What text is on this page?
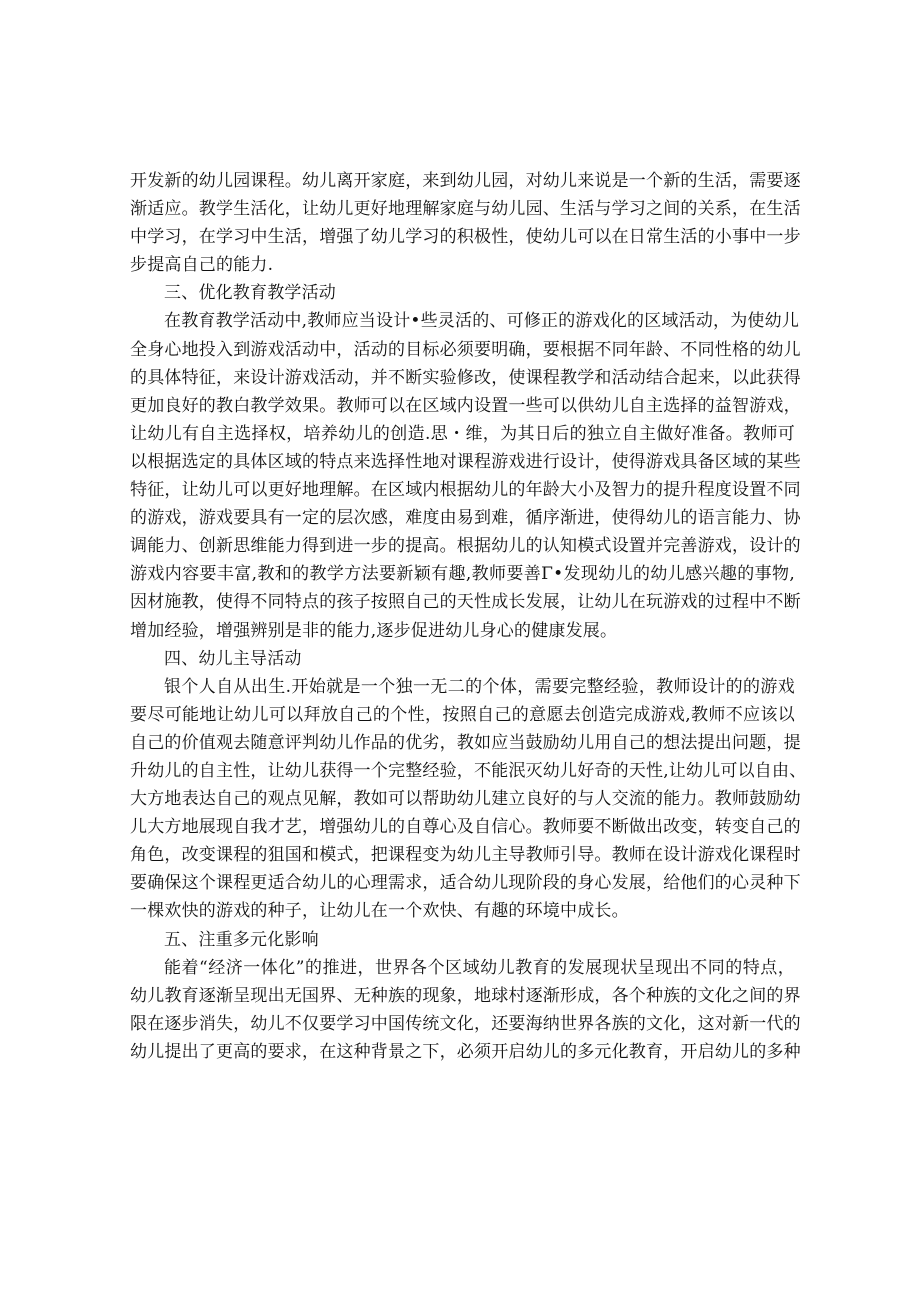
开发新的幼儿园课程。幼儿离开家庭，来到幼儿园，对幼儿来说是一个新的生活，需要逐
渐适应。教学生活化，让幼儿更好地理解家庭与幼儿园、生活与学习之间的关系，在生活
中学习，在学习中生活，增强了幼儿学习的积极性，使幼儿可以在日常生活的小事中一步
步提高自己的能力.
三、优化教育教学活动
在教育教学活动中,教师应当设计•些灵活的、可修正的游戏化的区域活动，为使幼儿
全身心地投入到游戏活动中，活动的目标必须要明确，要根据不同年龄、不同性格的幼儿
的具体特征，来设计游戏活动，并不断实验修改，使课程教学和活动结合起来，以此获得
更加良好的教白教学效果。教师可以在区域内设置一些可以供幼儿自主选择的益智游戏，
让幼儿有自主选择权，培养幼儿的创造.思・维，为其日后的独立自主做好准备。教师可
以根据选定的具体区域的特点来选择性地对课程游戏进行设计，使得游戏具备区域的某些
特征，让幼儿可以更好地理解。在区域内根据幼儿的年龄大小及智力的提升程度设置不同
的游戏，游戏要具有一定的层次感，难度由易到难，循序渐进，使得幼儿的语言能力、协
调能力、创新思维能力得到进一步的提高。根据幼儿的认知模式设置并完善游戏，设计的
游戏内容要丰富,教和的教学方法要新颖有趣,教师要善Γ•发现幼儿的幼儿感兴趣的事物,
因材施教，使得不同特点的孩子按照自己的天性成长发展，让幼儿在玩游戏的过程中不断
增加经验，增强辨别是非的能力,逐步促进幼儿身心的健康发展。
四、幼儿主导活动
银个人自从出生.开始就是一个独一无二的个体，需要完整经验，教师设计的的游戏
要尽可能地让幼儿可以拜放自己的个性，按照自己的意愿去创造完成游戏,教师不应该以
自己的价值观去随意评判幼儿作品的优劣，教如应当鼓励幼儿用自己的想法提出问题，提
升幼儿的自主性，让幼儿获得一个完整经验，不能泯灭幼儿好奇的天性,让幼儿可以自由、
大方地表达自己的观点见解，教如可以帮助幼儿建立良好的与人交流的能力。教师鼓励幼
儿大方地展现自我才艺，增强幼儿的自尊心及自信心。教师要不断做出改变，转变自己的
角色，改变课程的狙国和模式，把课程变为幼儿主导教师引导。教师在设计游戏化课程时
要确保这个课程更适合幼儿的心理需求，适合幼儿现阶段的身心发展，给他们的心灵种下
一棵欢快的游戏的种子，让幼儿在一个欢快、有趣的环境中成长。
五、注重多元化影响
能着“经济一体化”的推进，世界各个区域幼儿教育的发展现状呈现出不同的特点，
幼儿教育逐渐呈现出无国界、无种族的现象，地球村逐渐形成，各个种族的文化之间的界
限在逐步消失，幼儿不仅要学习中国传统文化，还要海纳世界各族的文化，这对新一代的
幼儿提出了更高的要求，在这种背景之下，必须开启幼儿的多元化教育，开启幼儿的多种
